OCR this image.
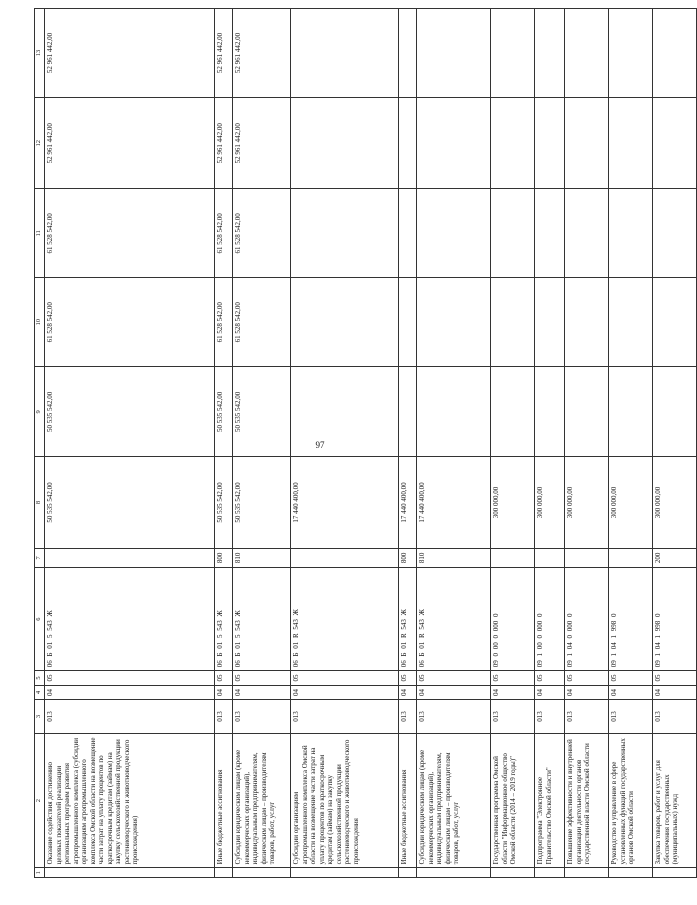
97
1	2	3	4	5	6	7	8	9	10	11	12	13
	Оказание содействия достижению целевых показателей реализации региональных программ развития агропромышленного комплекса (субсидии организациям агропромышленного комплекса Омской области на возмещение части затрат на уплату процентов по краткосрочным кредитам (займам) на закупку сельскохозяйственной продукции растениеводческого и животноводческого происхождения)	013	04	05	06 Б 01 5 543 Ж		50 535 542,00	50 535 542,00	61 528 542,00	61 528 542,00	52 961 442,00	52 961 442,00
	Иные бюджетные ассигнования	013	04	05	06 Б 01 5 543 Ж	800	50 535 542,00	50 535 542,00	61 528 542,00	61 528 542,00	52 961 442,00	52 961 442,00
	Субсидии юридическим лицам (кроме некоммерческих организаций), индивидуальным предпринимателям, физическим лицам – производителям товаров, работ, услуг	013	04	05	06 Б 01 5 543 Ж	810	50 535 542,00	50 535 542,00	61 528 542,00	61 528 542,00	52 961 442,00	52 961 442,00
	Субсидии организациям агропромышленного комплекса Омской области на возмещение части затрат на уплату процентов по краткосрочным кредитам (займам) на закупку сельскохозяйственной продукции растениеводческого и животноводческого происхождения	013	04	05	06 Б 01 R 543 Ж		17 440 400,00					
	Иные бюджетные ассигнования	013	04	05	06 Б 01 R 543 Ж	800	17 440 400,00					
	Субсидии юридическим лицам (кроме некоммерческих организаций), индивидуальным предпринимателям, физическим лицам – производителям товаров, работ, услуг	013	04	05	06 Б 01 R 543 Ж	810	17 440 400,00					
	Государственная программа Омской области "Информационное общество Омской области (2014 – 2019 годы)"	013	04	05	09 0 00 0 000 0		300 000,00					
	Подпрограмма "Электронное Правительство Омской области"	013	04	05	09 1 00 0 000 0		300 000,00					
	Повышение эффективности и внутренней организации деятельности органов государственной власти Омской области	013	04	05	09 1 04 0 000 0		300 000,00					
	Руководство и управление в сфере установленных функций государственных органов Омской области	013	04	05	09 1 04 1 998 0		300 000,00					
	Закупка товаров, работ и услуг для обеспечения государственных (муниципальных) нужд	013	04	05	09 1 04 1 998 0	200	300 000,00					
